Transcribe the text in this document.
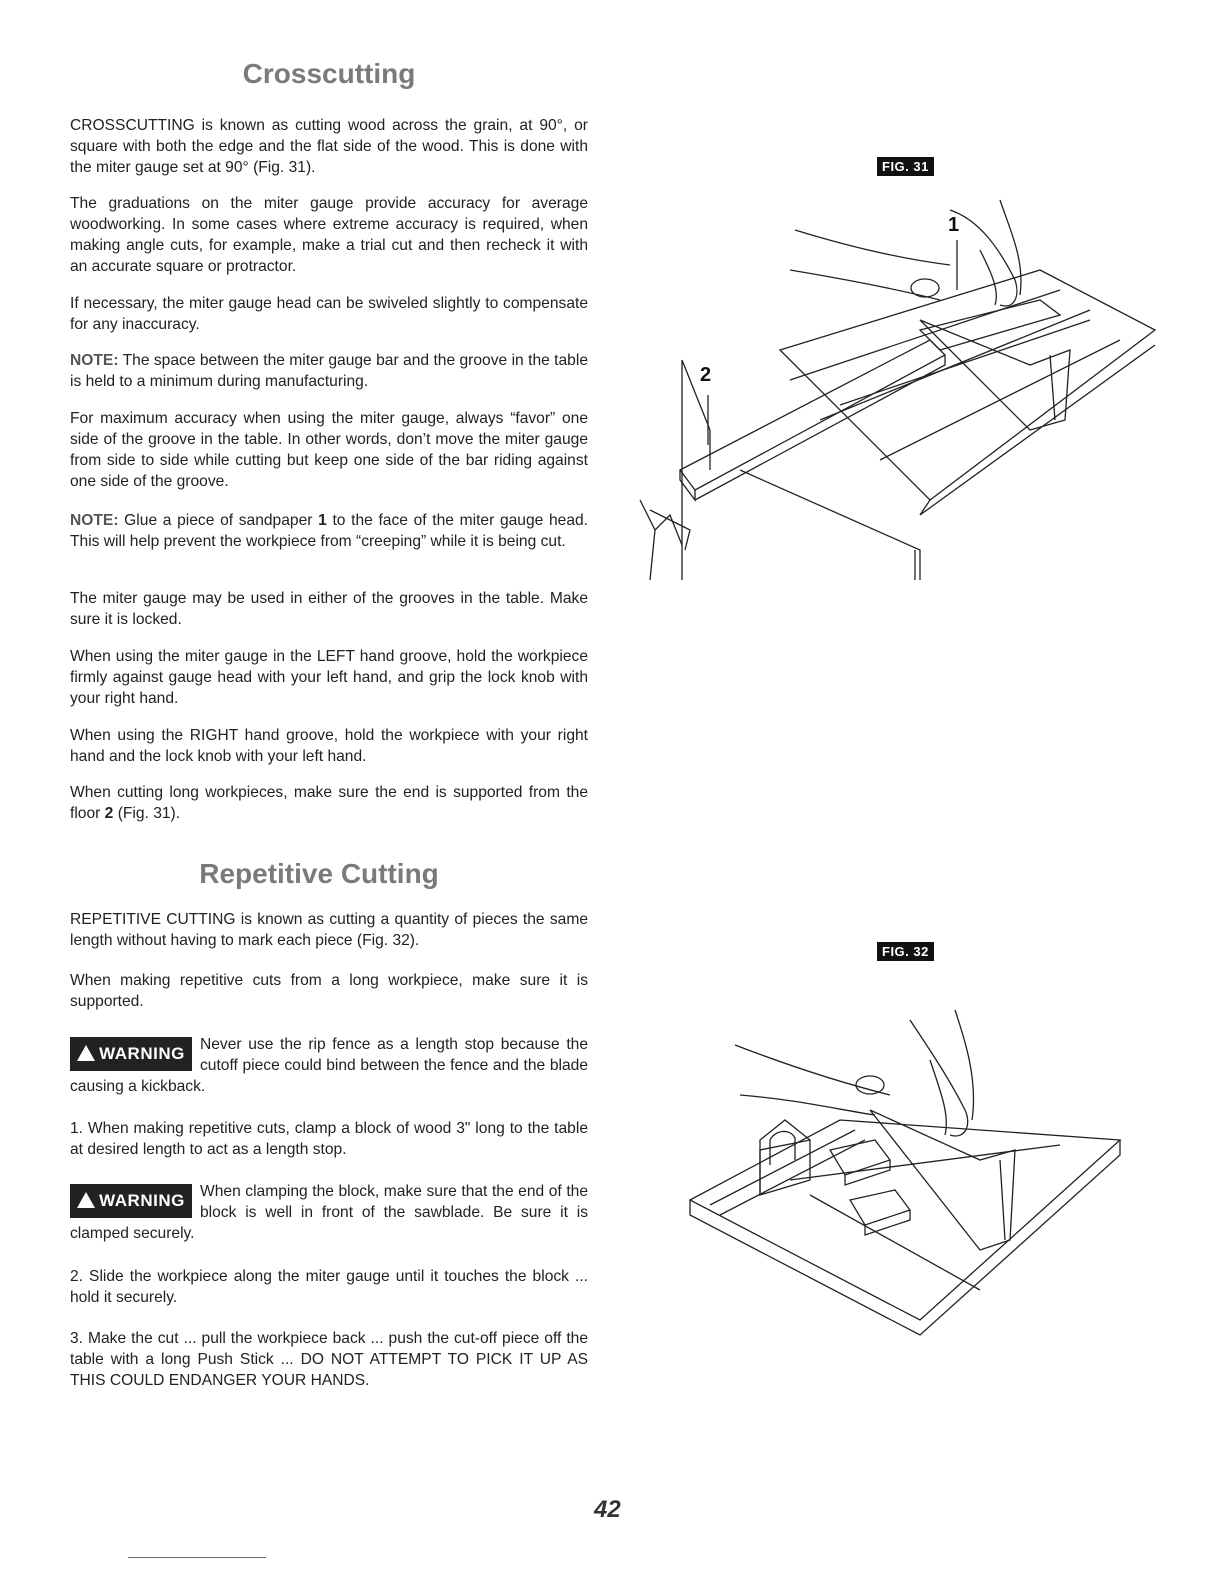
Crosscutting

CROSSCUTTING is known as cutting wood across the grain, at 90°, or square with both the edge and the flat side of the wood. This is done with the miter gauge set at 90° (Fig. 31).

The graduations on the miter gauge provide accuracy for average woodworking. In some cases where extreme accuracy is required, when making angle cuts, for example, make a trial cut and then recheck it with an accurate square or protractor.

If necessary, the miter gauge head can be swiveled slightly to compensate for any inaccuracy.

NOTE: The space between the miter gauge bar and the groove in the table is held to a minimum during manufacturing.

For maximum accuracy when using the miter gauge, always “favor” one side of the groove in the table. In other words, don’t move the miter gauge from side to side while cutting but keep one side of the bar riding against one side of the groove.

NOTE: Glue a piece of sandpaper 1 to the face of the miter gauge head. This will help prevent the workpiece from “creeping” while it is being cut.

The miter gauge may be used in either of the grooves in the table. Make sure it is locked.

When using the miter gauge in the LEFT hand groove, hold the workpiece firmly against gauge head with your left hand, and grip the lock knob with your right hand.

When using the RIGHT hand groove, hold the workpiece with your right hand and the lock knob with your left hand.

When cutting long workpieces, make sure the end is supported from the floor 2 (Fig. 31).

Repetitive Cutting

REPETITIVE CUTTING is known as cutting a quantity of pieces the same length without having to mark each piece (Fig. 32).

When making repetitive cuts from a long workpiece, make sure it is supported.

WARNING Never use the rip fence as a length stop because the cutoff piece could bind between the fence and the blade causing a kickback.

1. When making repetitive cuts, clamp a block of wood 3" long to the table at desired length to act as a length stop.

WARNING When clamping the block, make sure that the end of the block is well in front of the sawblade. Be sure it is clamped securely.

2. Slide the workpiece along the miter gauge until it touches the block ... hold it securely.

3. Make the cut ... pull the workpiece back ... push the cut-off piece off the table with a long Push Stick ... DO NOT ATTEMPT TO PICK IT UP AS THIS COULD ENDANGER YOUR HANDS.

FIG. 31
1
2
FIG. 32
42
